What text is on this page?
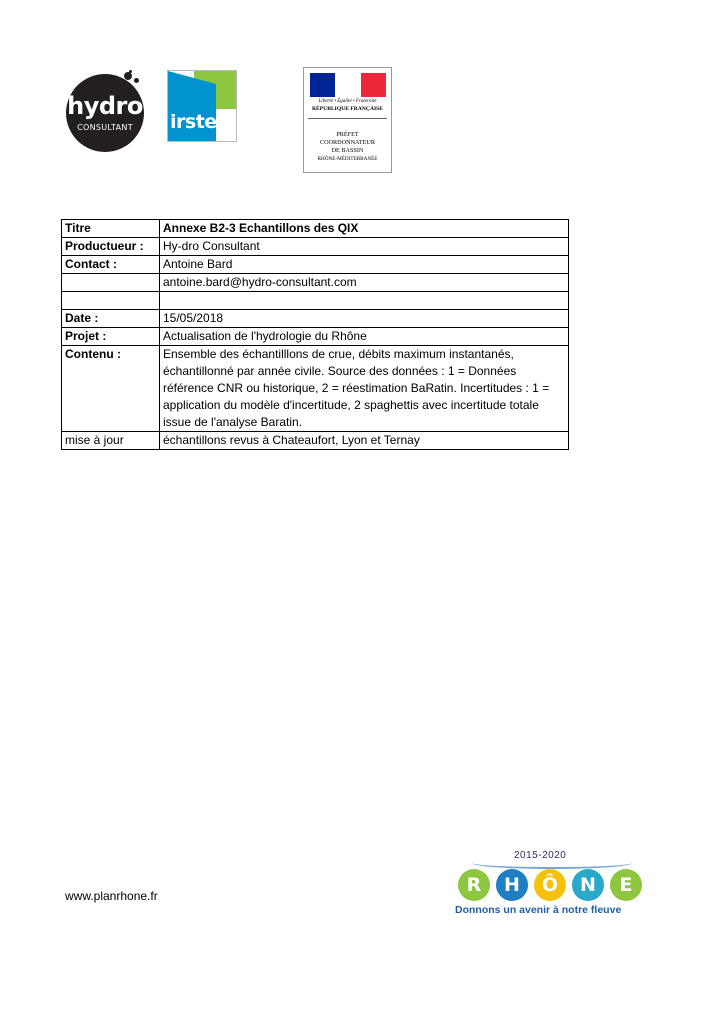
hydro
CONSULTANT	irstea
Liberté • Égalité • Fraternité
RÉPUBLIQUE FRANÇAISE
PRÉFET
COORDONNATEUR
DE BASSIN
RHÔNE-MÉDITERRANÉE
Titre	Annexe B2-3 Echantillons des QIX
Productueur :	Hy-dro Consultant
Contact :	Antoine Bard
	antoine.bard@hydro-consultant.com

Date :	15/05/2018
Projet :	Actualisation de l'hydrologie du Rhône
Contenu :	Ensemble des échantilllons de crue, débits maximum instantanés, échantillonné par année civile. Source des données : 1 = Données référence CNR ou historique, 2 = réestimation BaRatin. Incertitudes : 1 = application du modèle d'incertitude, 2 spaghettis avec incertitude totale issue de l'analyse Baratin.
mise à jour	échantillons revus à Chateaufort, Lyon et Ternay
www.planrhone.fr
2015-2020
R	H	Ô	N	E
Donnons un avenir à notre fleuve
